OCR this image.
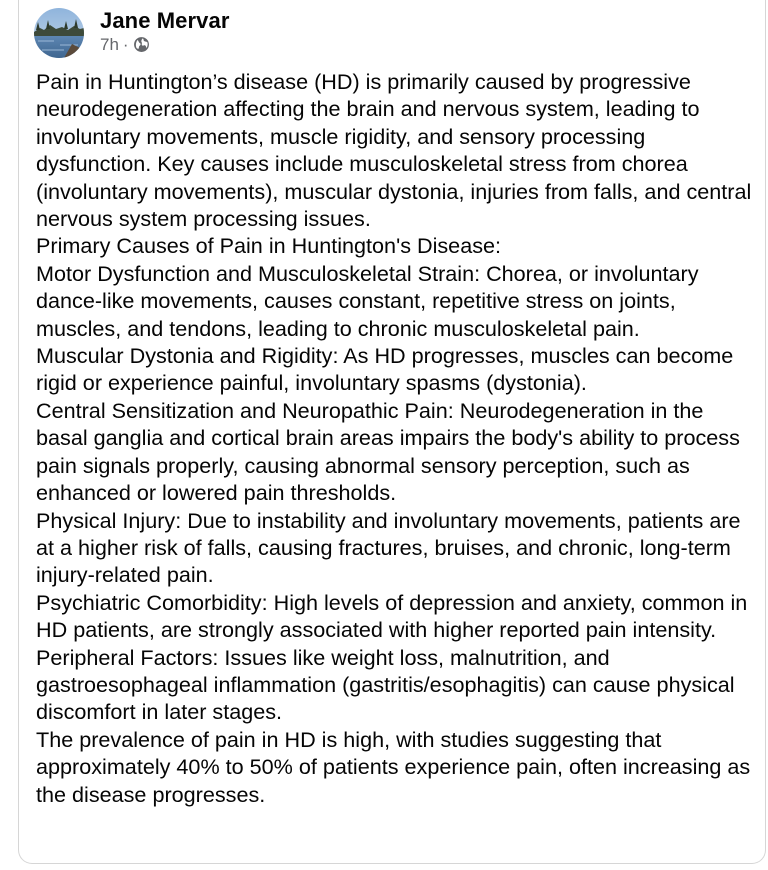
Jane Mervar
7h ·

Pain in Huntington’s disease (HD) is primarily caused by progressive neurodegeneration affecting the brain and nervous system, leading to involuntary movements, muscle rigidity, and sensory processing dysfunction. Key causes include musculoskeletal stress from chorea (involuntary movements), muscular dystonia, injuries from falls, and central nervous system processing issues.

Primary Causes of Pain in Huntington's Disease:

Motor Dysfunction and Musculoskeletal Strain: Chorea, or involuntary dance-like movements, causes constant, repetitive stress on joints, muscles, and tendons, leading to chronic musculoskeletal pain.

Muscular Dystonia and Rigidity: As HD progresses, muscles can become rigid or experience painful, involuntary spasms (dystonia).

Central Sensitization and Neuropathic Pain: Neurodegeneration in the basal ganglia and cortical brain areas impairs the body's ability to process pain signals properly, causing abnormal sensory perception, such as enhanced or lowered pain thresholds.

Physical Injury: Due to instability and involuntary movements, patients are at a higher risk of falls, causing fractures, bruises, and chronic, long-term injury-related pain.

Psychiatric Comorbidity: High levels of depression and anxiety, common in HD patients, are strongly associated with higher reported pain intensity.

Peripheral Factors: Issues like weight loss, malnutrition, and gastroesophageal inflammation (gastritis/esophagitis) can cause physical discomfort in later stages.

The prevalence of pain in HD is high, with studies suggesting that approximately 40% to 50% of patients experience pain, often increasing as the disease progresses.
